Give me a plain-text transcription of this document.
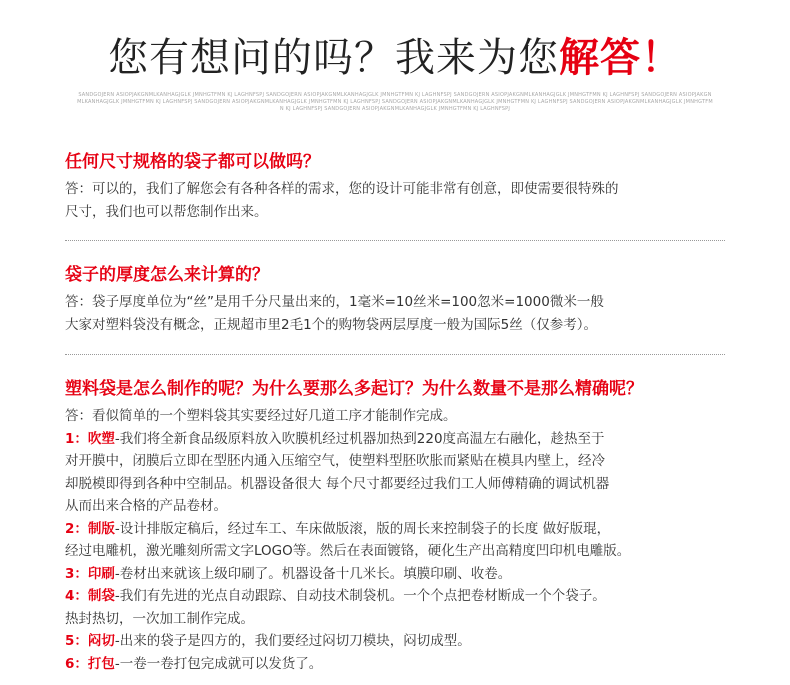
您有想问的吗？我来为您解答！
SANDGOJERN ASIOPJAKGNMLKANHAGJGLK JMNHGTFMN KJ LAGHNFSPJ SANDGOJERN ASIOPJAKGNMLKANHAGJGLK JMNHGTFMN KJ LAGHNFSPJ SANDGOJERN ASIOPJAKGNMLKANHAGJGLK JMNHGTFMN KJ LAGHNFSPJ SANDGOJERN ASIOPJAKGNMLKANHAGJGLK JMNHGTFMN KJ LAGHNFSPJ SANDGOJERN ASIOPJAKGNMLKANHAGJGLK JMNHGTFMN KJ LAGHNFSPJ SANDGOJERN ASIOPJAKGNMLKANHAGJGLK JMNHGTFMN KJ LAGHNFSPJ SANDGOJERN ASIOPJAKGNMLKANHAGJGLK JMNHGTFMN KJ LAGHNFSPJ SANDGOJERN ASIOPJAKGNMLKANHAGJGLK JMNHGTFMN KJ LAGHNFSPJ

任何尺寸规格的袋子都可以做吗？

答：可以的，我们了解您会有各种各样的需求，您的设计可能非常有创意，即使需要很特殊的

尺寸，我们也可以帮您制作出来。

袋子的厚度怎么来计算的？

答：袋子厚度单位为“丝”是用千分尺量出来的，1毫米=10丝米=100忽米=1000微米一般

大家对塑料袋没有概念，正规超市里2毛1个的购物袋两层厚度一般为国际5丝（仅参考）。

塑料袋是怎么制作的呢？为什么要那么多起订？为什么数量不是那么精确呢？

答：看似简单的一个塑料袋其实要经过好几道工序才能制作完成。

1：吹塑-我们将全新食品级原料放入吹膜机经过机器加热到220度高温左右融化，趁热至于

对开膜中，闭膜后立即在型胚内通入压缩空气，使塑料型胚吹胀而紧贴在模具内壁上，经冷

却脱模即得到各种中空制品。机器设备很大 每个尺寸都要经过我们工人师傅精确的调试机器

从而出来合格的产品卷材。

2：制版-设计排版定稿后，经过车工、车床做版滚，版的周长来控制袋子的长度 做好版琨，

经过电雕机，激光雕刻所需文字LOGO等。然后在表面镀铬，硬化生产出高精度凹印机电雕版。

3：印刷-卷材出来就该上级印刷了。机器设备十几米长。填膜印刷、收卷。

4：制袋-我们有先进的光点自动跟踪、自动技术制袋机。一个个点把卷材断成一个个袋子。

热封热切，一次加工制作完成。

5：闷切-出来的袋子是四方的，我们要经过闷切刀模块，闷切成型。

6：打包-一卷一卷打包完成就可以发货了。
